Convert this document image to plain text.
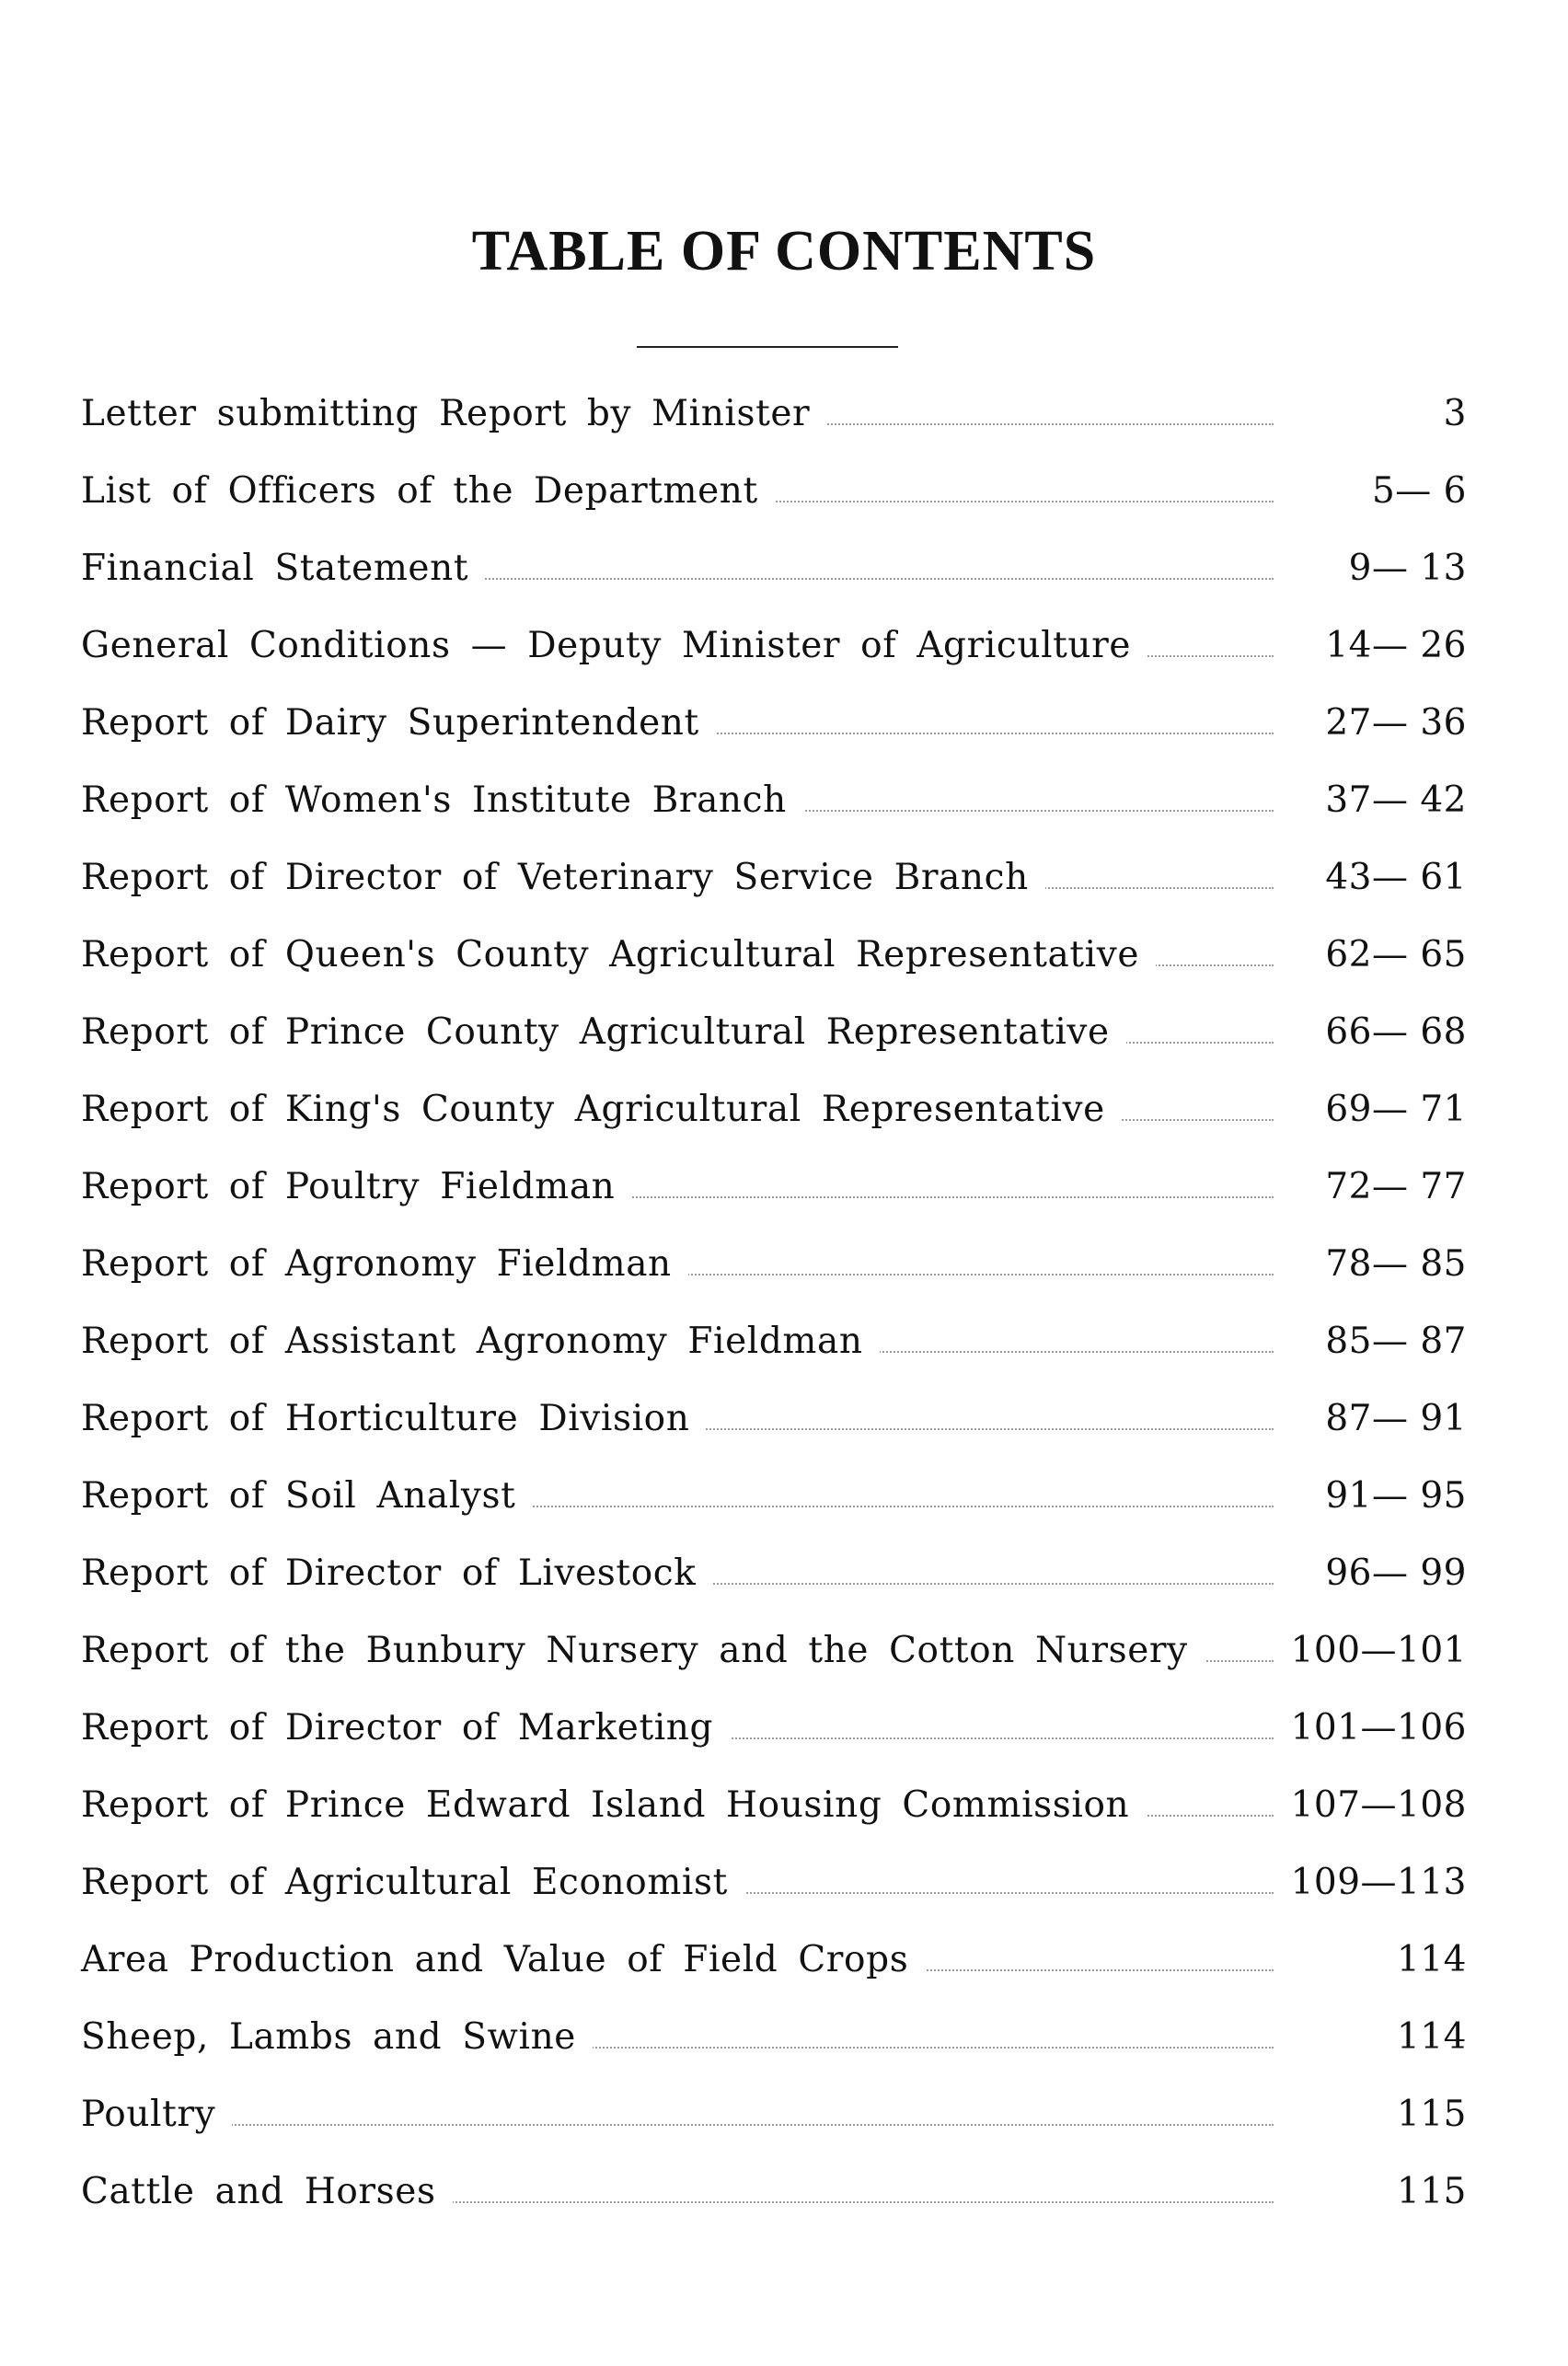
TABLE OF CONTENTS
Letter submitting Report by Minister	3
List of Officers of the Department	5— 6
Financial Statement	9— 13
General Conditions — Deputy Minister of Agriculture	14— 26
Report of Dairy Superintendent	27— 36
Report of Women's Institute Branch	37— 42
Report of Director of Veterinary Service Branch	43— 61
Report of Queen's County Agricultural Representative	62— 65
Report of Prince County Agricultural Representative	66— 68
Report of King's County Agricultural Representative	69— 71
Report of Poultry Fieldman	72— 77
Report of Agronomy Fieldman	78— 85
Report of Assistant Agronomy Fieldman	85— 87
Report of Horticulture Division	87— 91
Report of Soil Analyst	91— 95
Report of Director of Livestock	96— 99
Report of the Bunbury Nursery and the Cotton Nursery	100—101
Report of Director of Marketing	101—106
Report of Prince Edward Island Housing Commission	107—108
Report of Agricultural Economist	109—113
Area Production and Value of Field Crops	114
Sheep, Lambs and Swine	114
Poultry	115
Cattle and Horses	115
